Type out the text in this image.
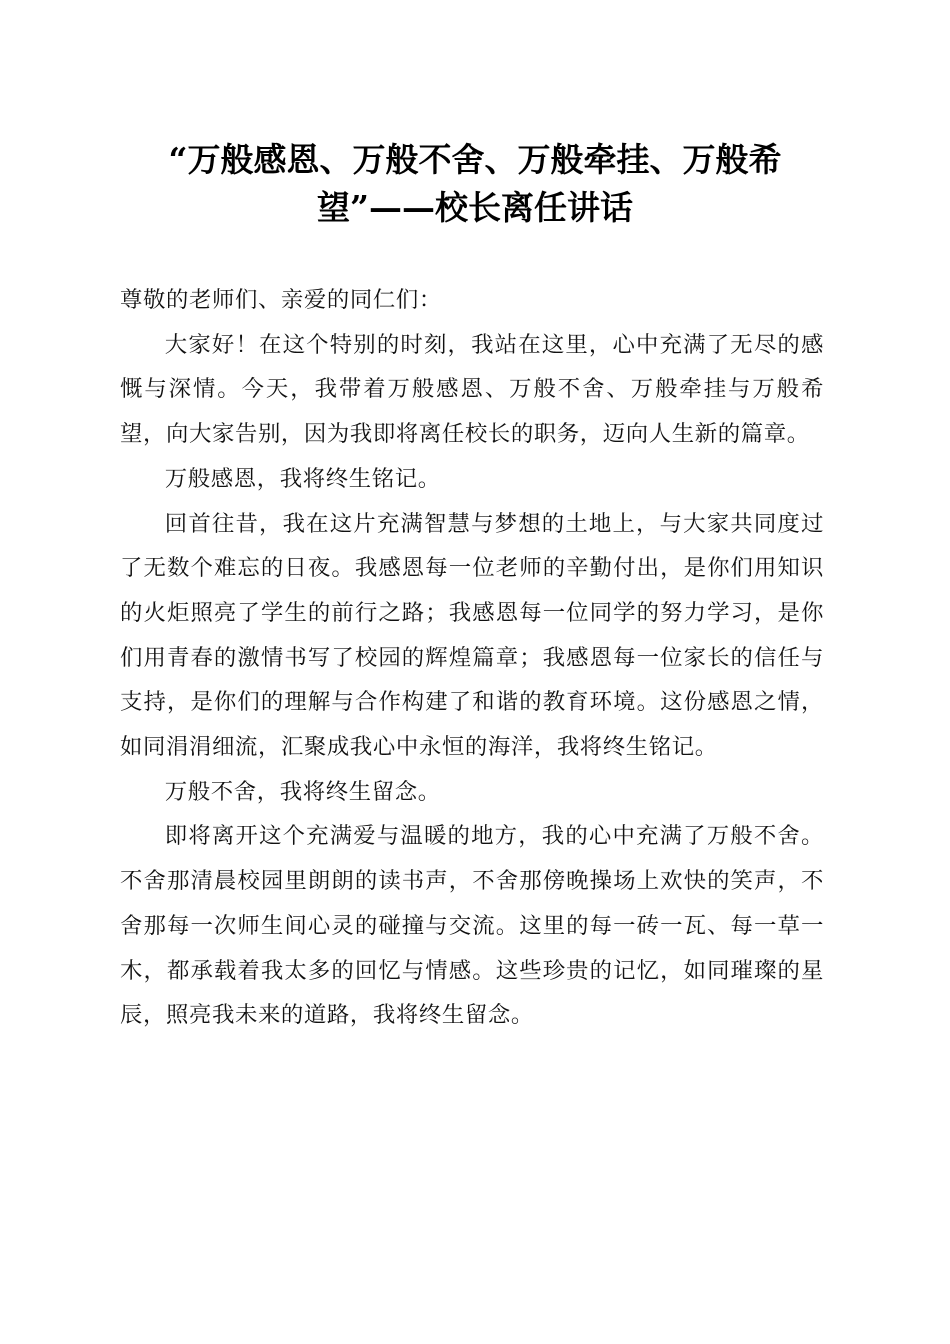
“万般感恩、万般不舍、万般牵挂、万般希望”——校长离任讲话

尊敬的老师们、亲爱的同仁们：

大家好！在这个特别的时刻，我站在这里，心中充满了无尽的感慨与深情。今天，我带着万般感恩、万般不舍、万般牵挂与万般希望，向大家告别，因为我即将离任校长的职务，迈向人生新的篇章。

万般感恩，我将终生铭记。

回首往昔，我在这片充满智慧与梦想的土地上，与大家共同度过了无数个难忘的日夜。我感恩每一位老师的辛勤付出，是你们用知识的火炬照亮了学生的前行之路；我感恩每一位同学的努力学习，是你们用青春的激情书写了校园的辉煌篇章；我感恩每一位家长的信任与支持，是你们的理解与合作构建了和谐的教育环境。这份感恩之情，如同涓涓细流，汇聚成我心中永恒的海洋，我将终生铭记。

万般不舍，我将终生留念。

即将离开这个充满爱与温暖的地方，我的心中充满了万般不舍。不舍那清晨校园里朗朗的读书声，不舍那傍晚操场上欢快的笑声，不舍那每一次师生间心灵的碰撞与交流。这里的每一砖一瓦、每一草一木，都承载着我太多的回忆与情感。这些珍贵的记忆，如同璀璨的星辰，照亮我未来的道路，我将终生留念。
